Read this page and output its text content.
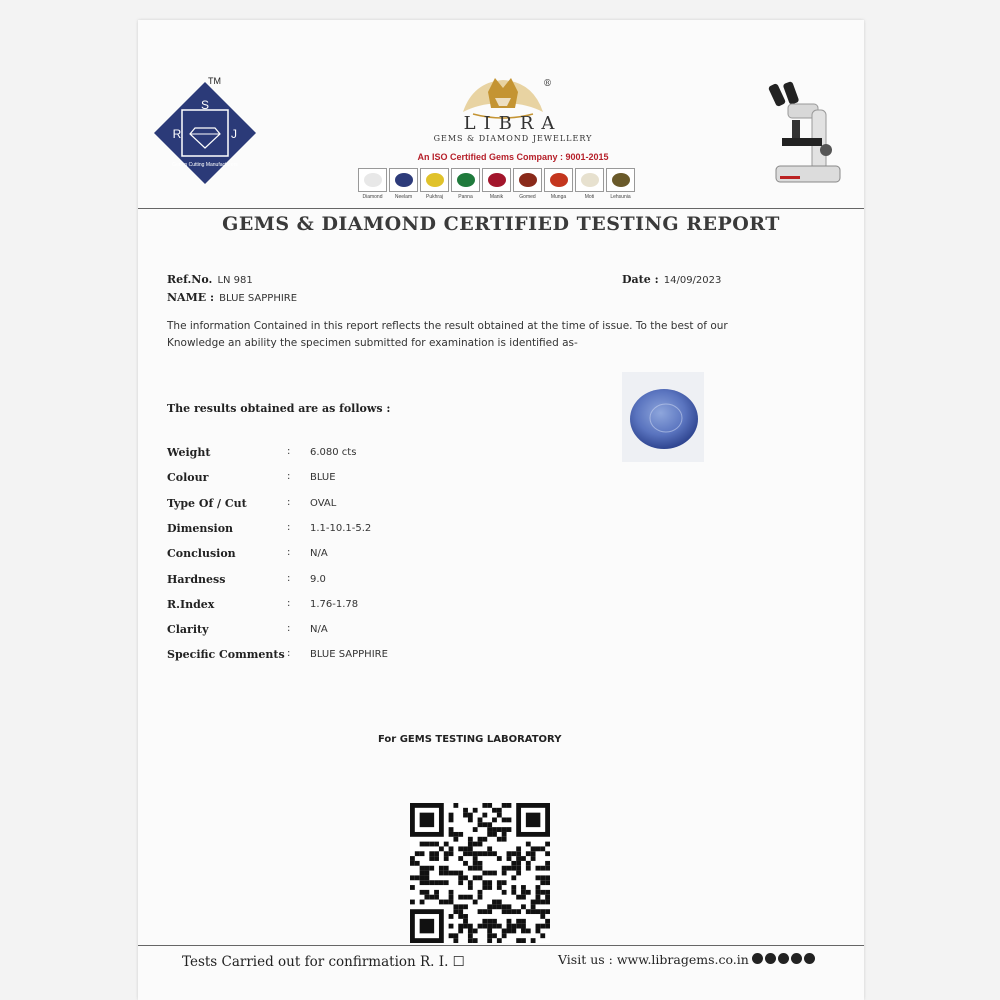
S
R	J
Gem n Cutting Manufacturers
TM	®
LIBRA
GEMS & DIAMOND JEWELLERY
An ISO Certified Gems Company : 9001-2015
Diamond Neelam	Pukhraj	Panna	Manik	Gomed	Munga	Moti	Lehsunia
GEMS & DIAMOND CERTIFIED TESTING REPORT
Ref.No. LN 981
NAME : BLUE SAPPHIRE
Date : 14/09/2023
The information Contained in this report reflects the result obtained at the time of issue. To the best of our
Knowledge an ability the specimen submitted for examination is identified as-
The results obtained are as follows :
Weight	: 6.080 cts
Colour	: BLUE
Type Of / Cut	: OVAL
Dimension	: 1.1-10.1-5.2
Conclusion	: N/A
Hardness	: 9.0
R.Index	: 1.76-1.78
Clarity	: N/A
Specific Comments : BLUE SAPPHIRE
For GEMS TESTING LABORATORY
Tests Carried out for confirmation R. I. ☐	Visit us : www.libragems.co.in
